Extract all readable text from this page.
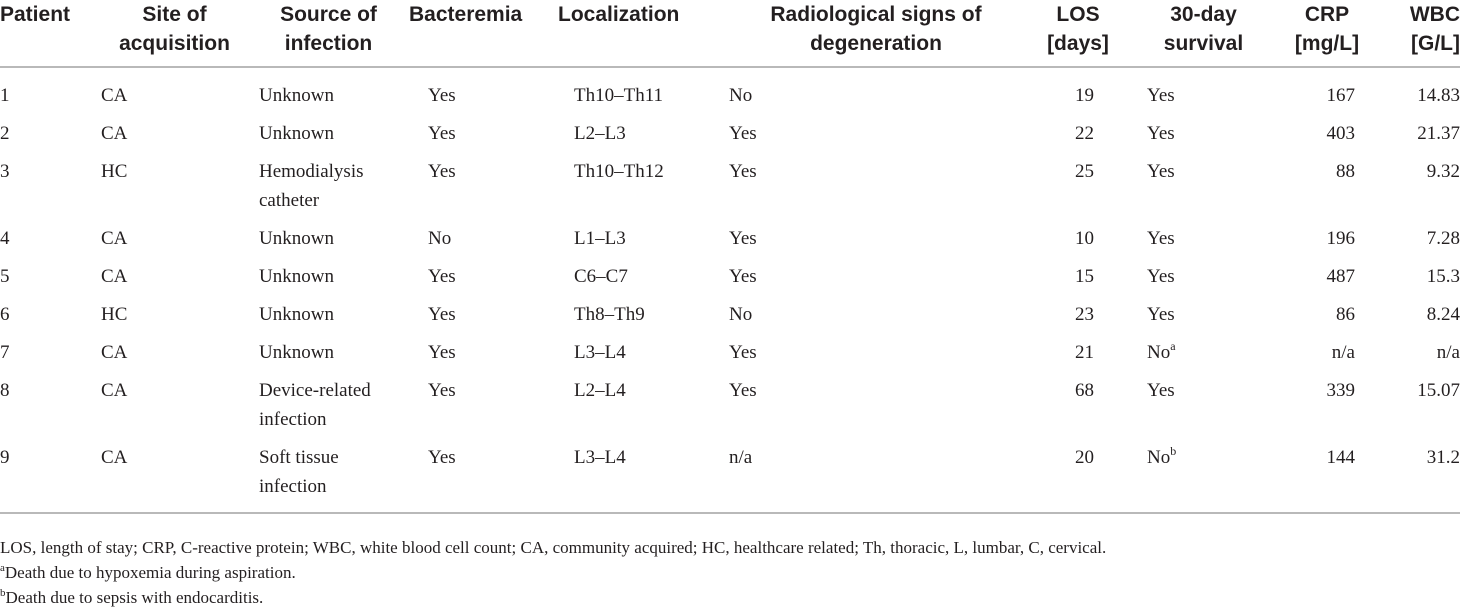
Patient	Site of acquisition	Source of infection	Bacteremia	Localization	Radiological signs of degeneration	LOS [days]	30-day survival	CRP [mg/L]	WBC [G/L]
1	CA	Unknown	Yes	Th10–Th11	No	19	Yes	167	14.83
2	CA	Unknown	Yes	L2–L3	Yes	22	Yes	403	21.37
3	HC	Hemodialysis catheter	Yes	Th10–Th12	Yes	25	Yes	88	9.32
4	CA	Unknown	No	L1–L3	Yes	10	Yes	196	7.28
5	CA	Unknown	Yes	C6–C7	Yes	15	Yes	487	15.3
6	HC	Unknown	Yes	Th8–Th9	No	23	Yes	86	8.24
7	CA	Unknown	Yes	L3–L4	Yes	21	No$^a$	n/a	n/a
8	CA	Device-related infection	Yes	L2–L4	Yes	68	Yes	339	15.07
9	CA	Soft tissue infection	Yes	L3–L4	n/a	20	No$^b$	144	31.2

LOS, length of stay; CRP, C-reactive protein; WBC, white blood cell count; CA, community acquired; HC, healthcare related; Th, thoracic, L, lumbar, C, cervical.

$^a$Death due to hypoxemia during aspiration.

$^b$Death due to sepsis with endocarditis.
